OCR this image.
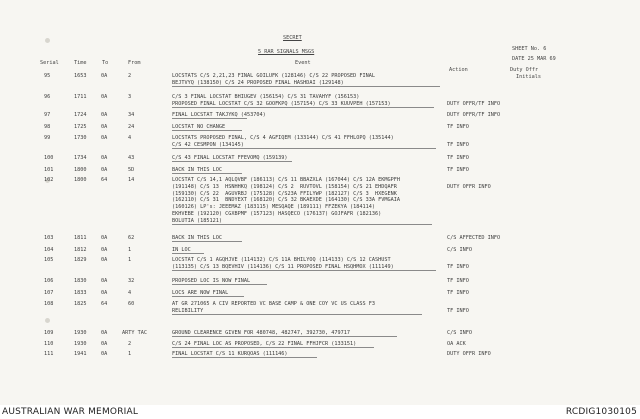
SECRET
5 RAR SIGNALS MSGS
Event
SHEET No. 6
DATE 25 MAR 69
Action	Duty Offr
Initials
Serial	Time	To	From
95	1653	0A	2	LOCSTATS C/S 2,21,23 FINAL GOILUFK (128146) C/S 22 PROPOSED FINAL
BEJTVYQ (138150) C/S 24 PROPOSED FINAL HASHDAI (129148)
96	1711	0A	3	C/S 3 FINAL LOCSTAT BHIUGEV (156154) C/S 31 TAVAHYF (156153)
PROPOSED FINAL LOCSTAT C/S 32 GOOFKPQ (157154) C/S 33 KUUVPEH (157153)	DUTY OFFR/TF INFO
97	1724	0A	34	FINAL LOCSTAT TAKJYKQ (453704)	DUTY OFFR/TF INFO
98	1725	0A	24	LOCSTAT NO CHANGE	TF INFO
99	1730	0A	4	LOCSTATS PROPOSED FINAL, C/S 4 AGFIQEM (133144) C/S 41 FFHLOPQ (135144)
C/S 42 CESMPON (134145)	TF INFO
100	1734	0A	43	C/S 43 FINAL LOCSTAT FFEVOMQ (159139)	TF INFO
101	1800	0A	5D	BACK IN THIS LOC	TF INFO
102	1800	64	14	LOCSTAT C/S 14,1 AQLQVBF (186113) C/S 11 BBAZXLA (167044) C/S 12A EKMGPFH
(191148) C/S 13  HSNHHKQ (198124) C/S 2  RUVTOVL (158154) C/S 21 EHDQAFR
(159130) C/S 22  AGUVRBJ (175128) C/S23A FFILYWP (182127) C/S 3  HXEGENK
(162110) C/S 31  BNDYEXT (168120) C/S 32 BKAEXDE (164130) C/S 33A FVMGAIA
(160126) LP's: JEEEMAZ (183115) MESQAQE (189111) FFZEKYA (184114)
EKHVEBE (192120) CGXBPMF (157123) HASQECO (176137) GOJFAFR (182136)
BOLUTIA (185121)
DUTY OFFR INFO
103	1811	0A	62	BACK IN THIS LOC	C/S AFFECTED INFO
104	1812	0A	1	IN LOC	C/S INFO
105	1829	0A	1	LOCSTAT C/S 1 AGQHJVE (114132) C/S 11A BHILYOQ (114133) C/S 12 CASHUST
(113135) C/S 13 BQEVHIV (114136) C/S 11 PROPOSED FINAL HSQHMOX (111149)	TF INFO
106	1830	0A	32	PROPOSED LOC IS NOW FINAL	TF INFO
107	1833	0A	4	LOCS ARE NOW FINAL	TF INFO
108	1825	64	60	AT GR 271065 A CIV REPORTED VC BASE CAMP & ONE COY VC US CLASS F3
RELIBILITY	TF INFO
109	1930	0A	ARTY TAC	GROUND CLEARENCE GIVEN FOR 480748, 482747, 392730, 479717	C/S INFO
110	1930	0A	2	C/S 24 FINAL LOC AS PROPOSED, C/S 22 FINAL FFHJFCR (133151)	OA ACK
111	1941	0A	1	FINAL LOCSTAT C/S 11 KURQOAS (111146)	DUTY OFFR INFO
AUSTRALIAN WAR MEMORIAL	RCDIG1030105
